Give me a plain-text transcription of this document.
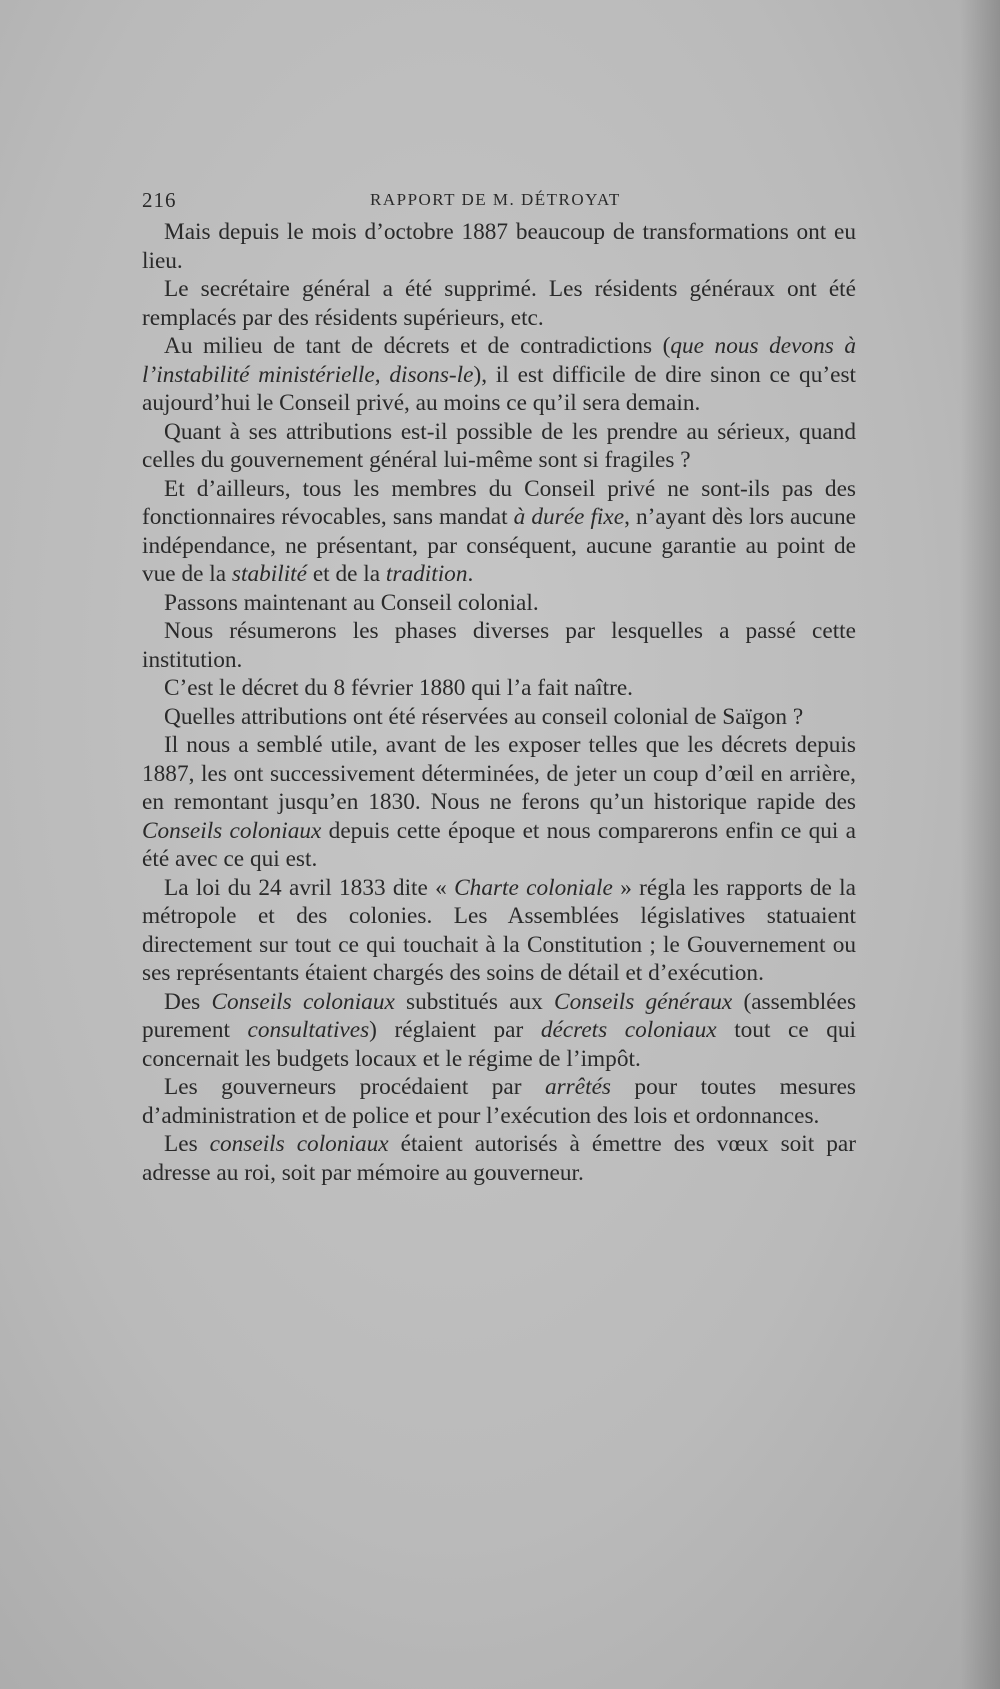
216	RAPPORT DE M. DÉTROYAT

Mais depuis le mois d’octobre 1887 beaucoup de transformations ont eu lieu.

Le secrétaire général a été supprimé. Les résidents généraux ont été remplacés par des résidents supérieurs, etc.

Au milieu de tant de décrets et de contradictions (que nous devons à l’instabilité ministérielle, disons-le), il est difficile de dire sinon ce qu’est aujourd’hui le Conseil privé, au moins ce qu’il sera demain.

Quant à ses attributions est-il possible de les prendre au sérieux, quand celles du gouvernement général lui-même sont si fragiles ?

Et d’ailleurs, tous les membres du Conseil privé ne sont-ils pas des fonctionnaires révocables, sans mandat à durée fixe, n’ayant dès lors aucune indépendance, ne présentant, par conséquent, aucune garantie au point de vue de la stabilité et de la tradition.

Passons maintenant au Conseil colonial.

Nous résumerons les phases diverses par lesquelles a passé cette institution.

C’est le décret du 8 février 1880 qui l’a fait naître.

Quelles attributions ont été réservées au conseil colonial de Saïgon ?

Il nous a semblé utile, avant de les exposer telles que les décrets depuis 1887, les ont successivement déterminées, de jeter un coup d’œil en arrière, en remontant jusqu’en 1830. Nous ne ferons qu’un historique rapide des Conseils coloniaux depuis cette époque et nous comparerons enfin ce qui a été avec ce qui est.

La loi du 24 avril 1833 dite « Charte coloniale » régla les rapports de la métropole et des colonies. Les Assemblées législatives statuaient directement sur tout ce qui touchait à la Constitution ; le Gouvernement ou ses représentants étaient chargés des soins de détail et d’exécution.

Des Conseils coloniaux substitués aux Conseils généraux (assemblées purement consultatives) réglaient par décrets coloniaux tout ce qui concernait les budgets locaux et le régime de l’impôt.

Les gouverneurs procédaient par arrêtés pour toutes mesures d’administration et de police et pour l’exécution des lois et ordonnances.

Les conseils coloniaux étaient autorisés à émettre des vœux soit par adresse au roi, soit par mémoire au gouverneur.
